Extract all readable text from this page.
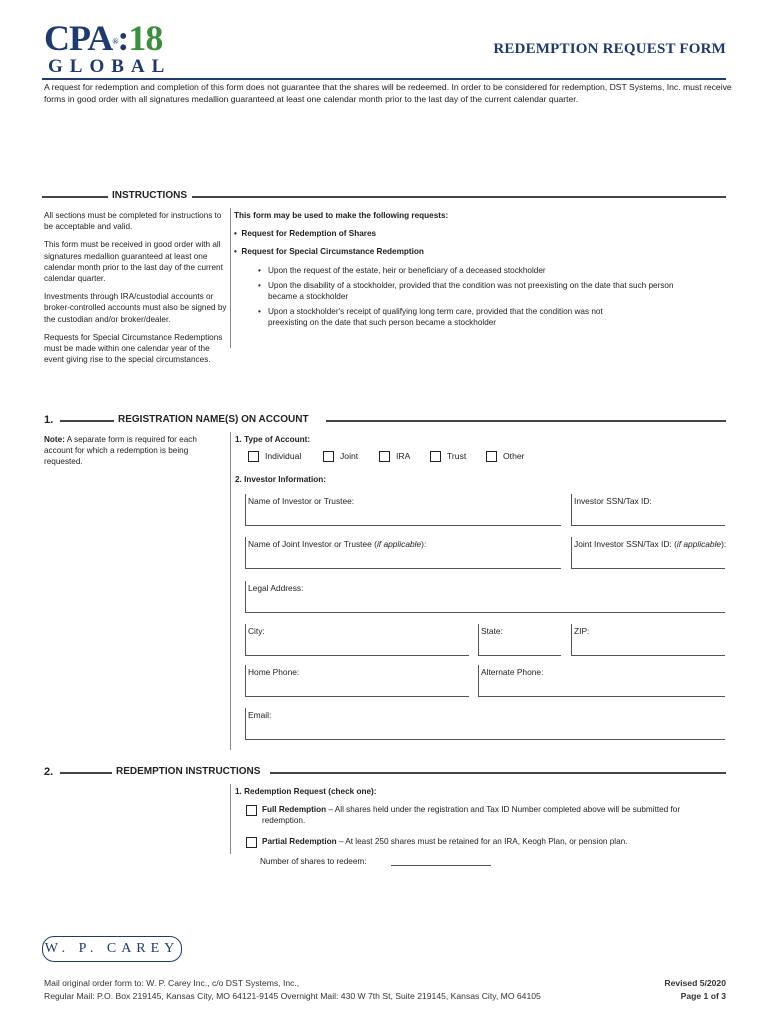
CPA®:18
GLOBAL
REDEMPTION REQUEST FORM
A request for redemption and completion of this form does not guarantee that the shares will be redeemed. In order to be considered for redemption, DST Systems, Inc. must receive forms in good order with all signatures medallion guaranteed at least one calendar month prior to the last day of the current calendar quarter.
INSTRUCTIONS

All sections must be completed for instructions to be acceptable and valid.

This form must be received in good order with all signatures medallion guaranteed at least one calendar month prior to the last day of the current calendar quarter.

Investments through IRA/custodial accounts or broker-controlled accounts must also be signed by the custodian and/or broker/dealer.

Requests for Special Circumstance Redemptions must be made within one calendar year of the event giving rise to the special circumstances.

This form may be used to make the following requests:
•  Request for Redemption of Shares
•  Request for Special Circumstance Redemption
• Upon the request of the estate, heir or beneficiary of a deceased stockholder
• Upon the disability of a stockholder, provided that the condition was not preexisting on the date that such person became a stockholder
• Upon a stockholder's receipt of qualifying long term care, provided that the condition was not preexisting on the date that such person became a stockholder
1.	REGISTRATION NAME(S) ON ACCOUNT
Note: A separate form is required for each account for which a redemption is being requested.
1. Type of Account:
Individual	Joint	IRA	Trust	Other
2. Investor Information:
Name of Investor or Trustee:	Investor SSN/Tax ID:
Name of Joint Investor or Trustee (if applicable):	Joint Investor SSN/Tax ID: (if applicable):
Legal Address:
City:	State:	ZIP:
Home Phone:	Alternate Phone:
Email:
2.	REDEMPTION INSTRUCTIONS
1. Redemption Request (check one):
Full Redemption – All shares held under the registration and Tax ID Number completed above will be submitted for redemption.
Partial Redemption – At least 250 shares must be retained for an IRA, Keogh Plan, or pension plan.
Number of shares to redeem:
W. P. CAREY
Mail original order form to: W. P. Carey Inc., c/o DST Systems, Inc.,
Regular Mail: P.O. Box 219145, Kansas City, MO 64121-9145 Overnight Mail: 430 W 7th St, Suite 219145, Kansas City, MO 64105
Revised 5/2020
Page 1 of 3
